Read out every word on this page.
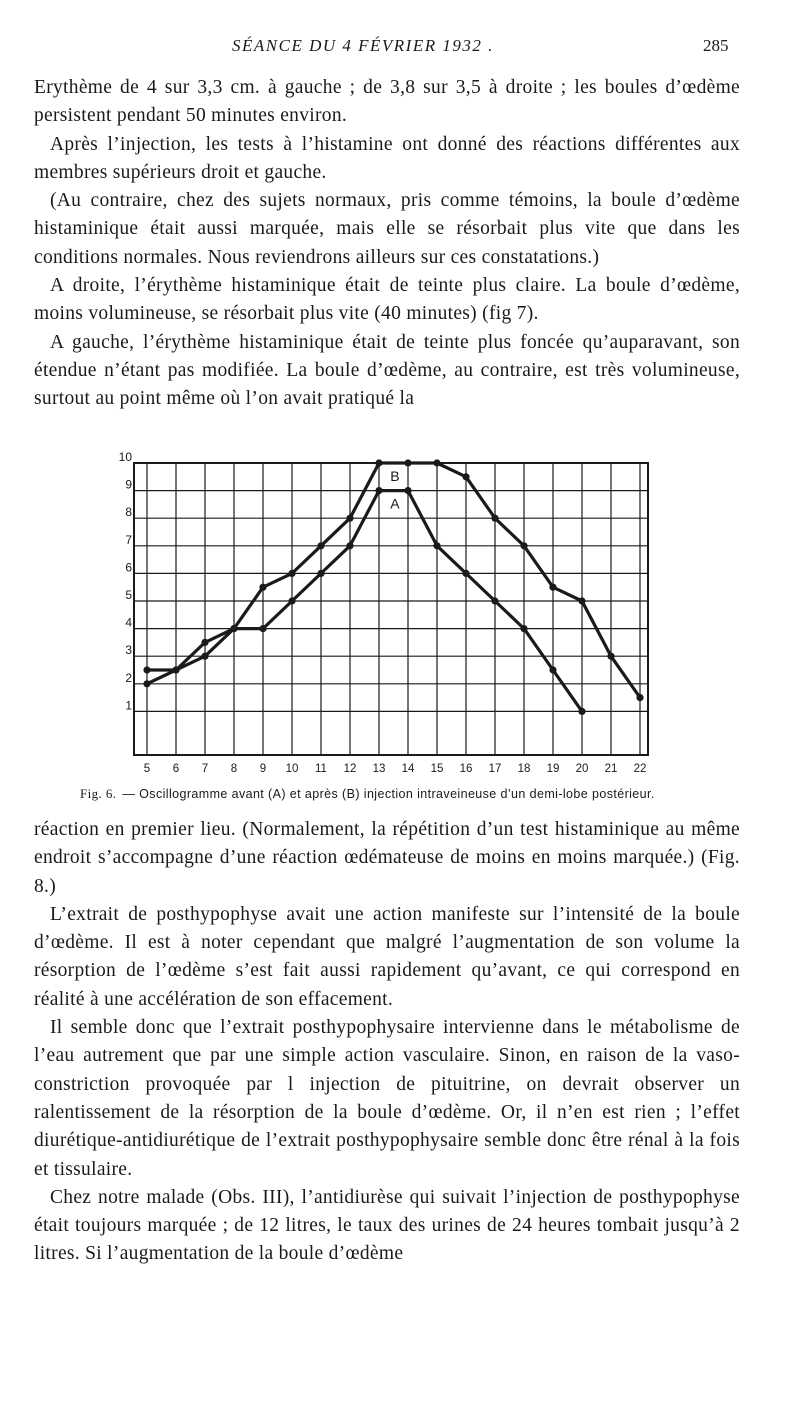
SÉANCE DU 4 FÉVRIER 1932 .	285

Erythème de 4 sur 3,3 cm. à gauche ; de 3,8 sur 3,5 à droite ; les boules d’œdème persistent pendant 50 minutes environ.

Après l’injection, les tests à l’histamine ont donné des réactions différentes aux membres supérieurs droit et gauche.

(Au contraire, chez des sujets normaux, pris comme témoins, la boule d’œdème histaminique était aussi marquée, mais elle se résorbait plus vite que dans les conditions normales. Nous reviendrons ailleurs sur ces constatations.)

A droite, l’érythème histaminique était de teinte plus claire. La boule d’œdème, moins volumineuse, se résorbait plus vite (40 minutes) (fig 7).

A gauche, l’érythème histaminique était de teinte plus foncée qu’auparavant, son étendue n’étant pas modifiée. La boule d’œdème, au contraire, est très volumineuse, surtout au point même où l’on avait pratiqué la

5 6 7 8 9 10 11 12 13 14 15 16 17 18 19 20 21 22
1
2
3
4
5
6
7
8
9
10
A
B
Fig. 6. — Oscillogramme avant (A) et après (B) injection intraveineuse d’un demi-lobe postérieur.

réaction en premier lieu. (Normalement, la répétition d’un test histaminique au même endroit s’accompagne d’une réaction œdémateuse de moins en moins marquée.) (Fig. 8.)

L’extrait de posthypophyse avait une action manifeste sur l’intensité de la boule d’œdème. Il est à noter cependant que malgré l’augmentation de son volume la résorption de l’œdème s’est fait aussi rapidement qu’avant, ce qui correspond en réalité à une accélération de son effacement.

Il semble donc que l’extrait posthypophysaire intervienne dans le métabolisme de l’eau autrement que par une simple action vasculaire. Sinon, en raison de la vaso-constriction provoquée par l injection de pituitrine, on devrait observer un ralentissement de la résorption de la boule d’œdème. Or, il n’en est rien ; l’effet diurétique-antidiurétique de l’extrait posthypophysaire semble donc être rénal à la fois et tissulaire.

Chez notre malade (Obs. III), l’antidiurèse qui suivait l’injection de posthypophyse était toujours marquée ; de 12 litres, le taux des urines de 24 heures tombait jusqu’à 2 litres. Si l’augmentation de la boule d’œdème
